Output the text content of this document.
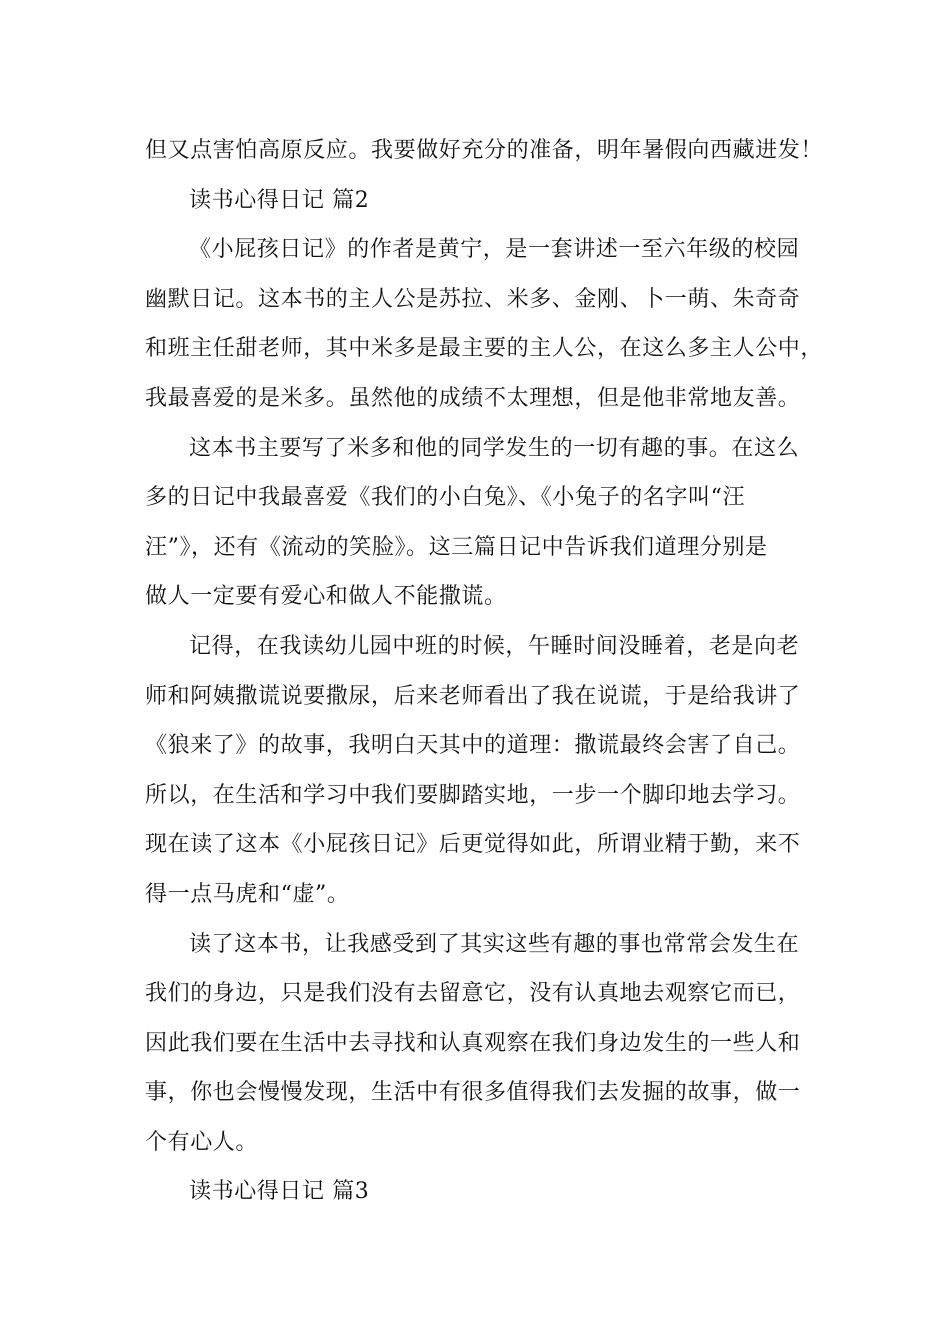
但又点害怕高原反应。我要做好充分的准备，明年暑假向西藏进发！

读书心得日记 篇2

《小屁孩日记》的作者是黄宁，是一套讲述一至六年级的校园

幽默日记。这本书的主人公是苏拉、米多、金刚、卜一萌、朱奇奇

和班主任甜老师，其中米多是最主要的主人公，在这么多主人公中，

我最喜爱的是米多。虽然他的成绩不太理想，但是他非常地友善。

这本书主要写了米多和他的同学发生的一切有趣的事。在这么

多的日记中我最喜爱《我们的小白兔》、《小兔子的名字叫“汪

汪”》，还有《流动的笑脸》。这三篇日记中告诉我们道理分别是

做人一定要有爱心和做人不能撒谎。

记得，在我读幼儿园中班的时候，午睡时间没睡着，老是向老

师和阿姨撒谎说要撒尿，后来老师看出了我在说谎，于是给我讲了

《狼来了》的故事，我明白天其中的道理：撒谎最终会害了自己。

所以，在生活和学习中我们要脚踏实地，一步一个脚印地去学习。

现在读了这本《小屁孩日记》后更觉得如此，所谓业精于勤，来不

得一点马虎和“虚”。

读了这本书，让我感受到了其实这些有趣的事也常常会发生在

我们的身边，只是我们没有去留意它，没有认真地去观察它而已，

因此我们要在生活中去寻找和认真观察在我们身边发生的一些人和

事，你也会慢慢发现，生活中有很多值得我们去发掘的故事，做一

个有心人。

读书心得日记 篇3
